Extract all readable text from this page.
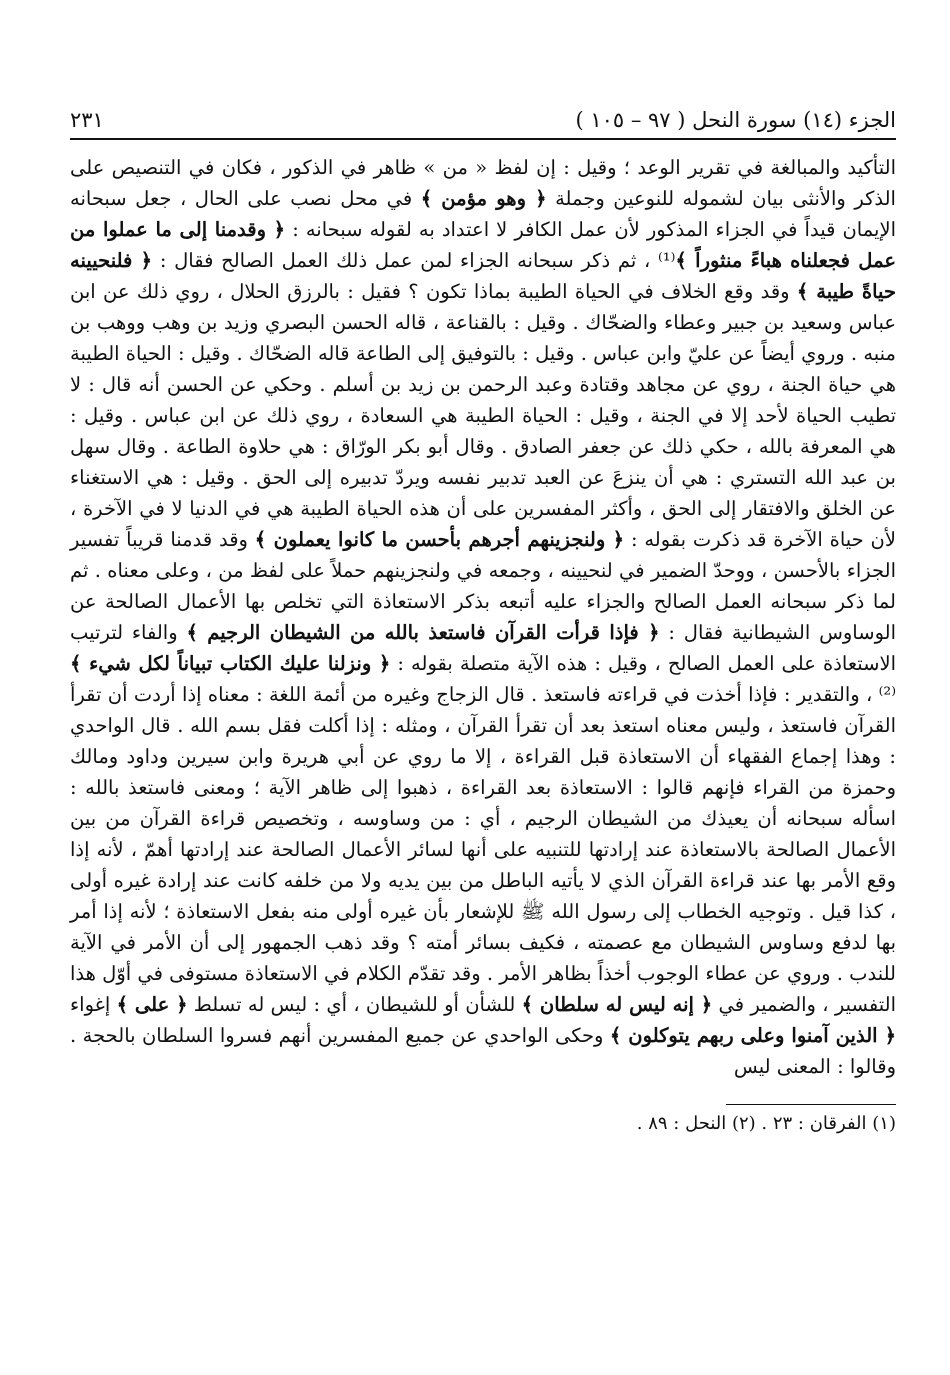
الجزء (١٤) سورة النحل ( ٩٧ – ١٠٥ )
٢٣١

التأكيد والمبالغة في تقرير الوعد ؛ وقيل : إن لفظ « من » ظاهر في الذكور ، فكان في التنصيص على الذكر والأنثى بيان لشموله للنوعين وجملة ﴿ وهو مؤمن ﴾ في محل نصب على الحال ، جعل سبحانه الإيمان قيداً في الجزاء المذكور لأن عمل الكافر لا اعتداد به لقوله سبحانه : ﴿ وقدمنا إلى ما عملوا من عمل فجعلناه هباءً منثوراً ﴾⁽¹⁾ ، ثم ذكر سبحانه الجزاء لمن عمل ذلك العمل الصالح فقال : ﴿ فلنحيينه حياةً طيبة ﴾ وقد وقع الخلاف في الحياة الطيبة بماذا تكون ؟ فقيل : بالرزق الحلال ، روي ذلك عن ابن عباس وسعيد بن جبير وعطاء والضحّاك . وقيل : بالقناعة ، قاله الحسن البصري وزيد بن وهب ووهب بن منبه . وروي أيضاً عن عليّ وابن عباس . وقيل : بالتوفيق إلى الطاعة قاله الضحّاك . وقيل : الحياة الطيبة هي حياة الجنة ، روي عن مجاهد وقتادة وعبد الرحمن بن زيد بن أسلم . وحكي عن الحسن أنه قال : لا تطيب الحياة لأحد إلا في الجنة ، وقيل : الحياة الطيبة هي السعادة ، روي ذلك عن ابن عباس . وقيل : هي المعرفة بالله ، حكي ذلك عن جعفر الصادق . وقال أبو بكر الورّاق : هي حلاوة الطاعة . وقال سهل بن عبد الله التستري : هي أن ينزعَ عن العبد تدبير نفسه ويردّ تدبيره إلى الحق . وقيل : هي الاستغناء عن الخلق والافتقار إلى الحق ، وأكثر المفسرين على أن هذه الحياة الطيبة هي في الدنيا لا في الآخرة ، لأن حياة الآخرة قد ذكرت بقوله : ﴿ ولنجزينهم أجرهم بأحسن ما كانوا يعملون ﴾ وقد قدمنا قريباً تفسير الجزاء بالأحسن ، ووحدّ الضمير في لنحيينه ، وجمعه في ولنجزينهم حملاً على لفظ من ، وعلى معناه . ثم لما ذكر سبحانه العمل الصالح والجزاء عليه أتبعه بذكر الاستعاذة التي تخلص بها الأعمال الصالحة عن الوساوس الشيطانية فقال : ﴿ فإذا قرأت القرآن فاستعذ بالله من الشيطان الرجيم ﴾ والفاء لترتيب الاستعاذة على العمل الصالح ، وقيل : هذه الآية متصلة بقوله : ﴿ ونزلنا عليك الكتاب تبياناً لكل شيء ﴾⁽²⁾ ، والتقدير : فإذا أخذت في قراءته فاستعذ . قال الزجاج وغيره من أئمة اللغة : معناه إذا أردت أن تقرأ القرآن فاستعذ ، وليس معناه استعذ بعد أن تقرأ القرآن ، ومثله : إذا أكلت فقل بسم الله . قال الواحدي : وهذا إجماع الفقهاء أن الاستعاذة قبل القراءة ، إلا ما روي عن أبي هريرة وابن سيرين وداود ومالك وحمزة من القراء فإنهم قالوا : الاستعاذة بعد القراءة ، ذهبوا إلى ظاهر الآية ؛ ومعنى فاستعذ بالله : اسأله سبحانه أن يعيذك من الشيطان الرجيم ، أي : من وساوسه ، وتخصيص قراءة القرآن من بين الأعمال الصالحة بالاستعاذة عند إرادتها للتنبيه على أنها لسائر الأعمال الصالحة عند إرادتها أهمّ ، لأنه إذا وقع الأمر بها عند قراءة القرآن الذي لا يأتيه الباطل من بين يديه ولا من خلفه كانت عند إرادة غيره أولى ، كذا قيل . وتوجيه الخطاب إلى رسول الله ﷺ للإشعار بأن غيره أولى منه بفعل الاستعاذة ؛ لأنه إذا أمر بها لدفع وساوس الشيطان مع عصمته ، فكيف بسائر أمته ؟ وقد ذهب الجمهور إلى أن الأمر في الآية للندب . وروي عن عطاء الوجوب أخذاً بظاهر الأمر . وقد تقدّم الكلام في الاستعاذة مستوفى في أوّل هذا التفسير ، والضمير في ﴿ إنه ليس له سلطان ﴾ للشأن أو للشيطان ، أي : ليس له تسلط ﴿ على ﴾ إغواء ﴿ الذين آمنوا وعلى ربهم يتوكلون ﴾ وحكى الواحدي عن جميع المفسرين أنهم فسروا السلطان بالحجة . وقالوا : المعنى ليس

(١) الفرقان : ٢٣ . (٢) النحل : ٨٩ .
